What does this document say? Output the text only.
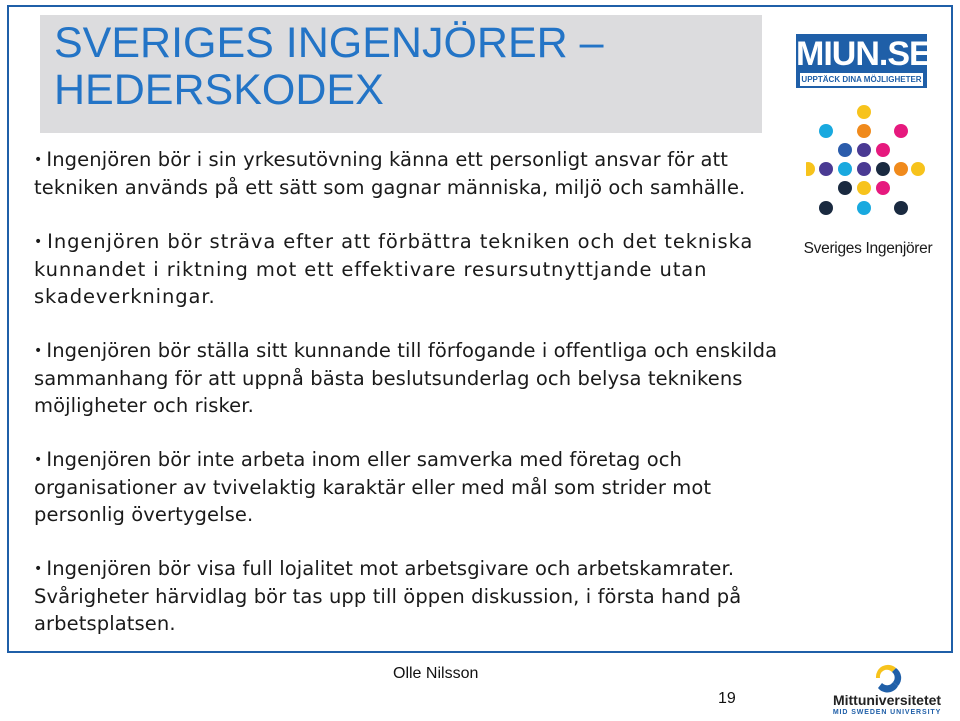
SVERIGES INGENJÖRER – HEDERSKODEX
• Ingenjören bör i sin yrkesutövning känna ett personligt ansvar för att tekniken används på ett sätt som gagnar människa, miljö och samhälle.
• Ingenjören bör sträva efter att förbättra tekniken och det tekniska kunnandet i riktning mot ett effektivare resursutnyttjande utan skadeverkningar.
• Ingenjören bör ställa sitt kunnande till förfogande i offentliga och enskilda sammanhang för att uppnå bästa beslutsunderlag och belysa teknikens möjligheter och risker.
• Ingenjören bör inte arbeta inom eller samverka med företag och organisationer av tvivelaktig karaktär eller med mål som strider mot personlig övertygelse.
• Ingenjören bör visa full lojalitet mot arbetsgivare och arbetskamrater. Svårigheter härvidlag bör tas upp till öppen diskussion, i första hand på arbetsplatsen.
MIUN.SE
UPPTÄCK DINA MÖJLIGHETER
Sveriges Ingenjörer
Olle Nilsson
19	Mittuniversitetet
MID SWEDEN UNIVERSITY
